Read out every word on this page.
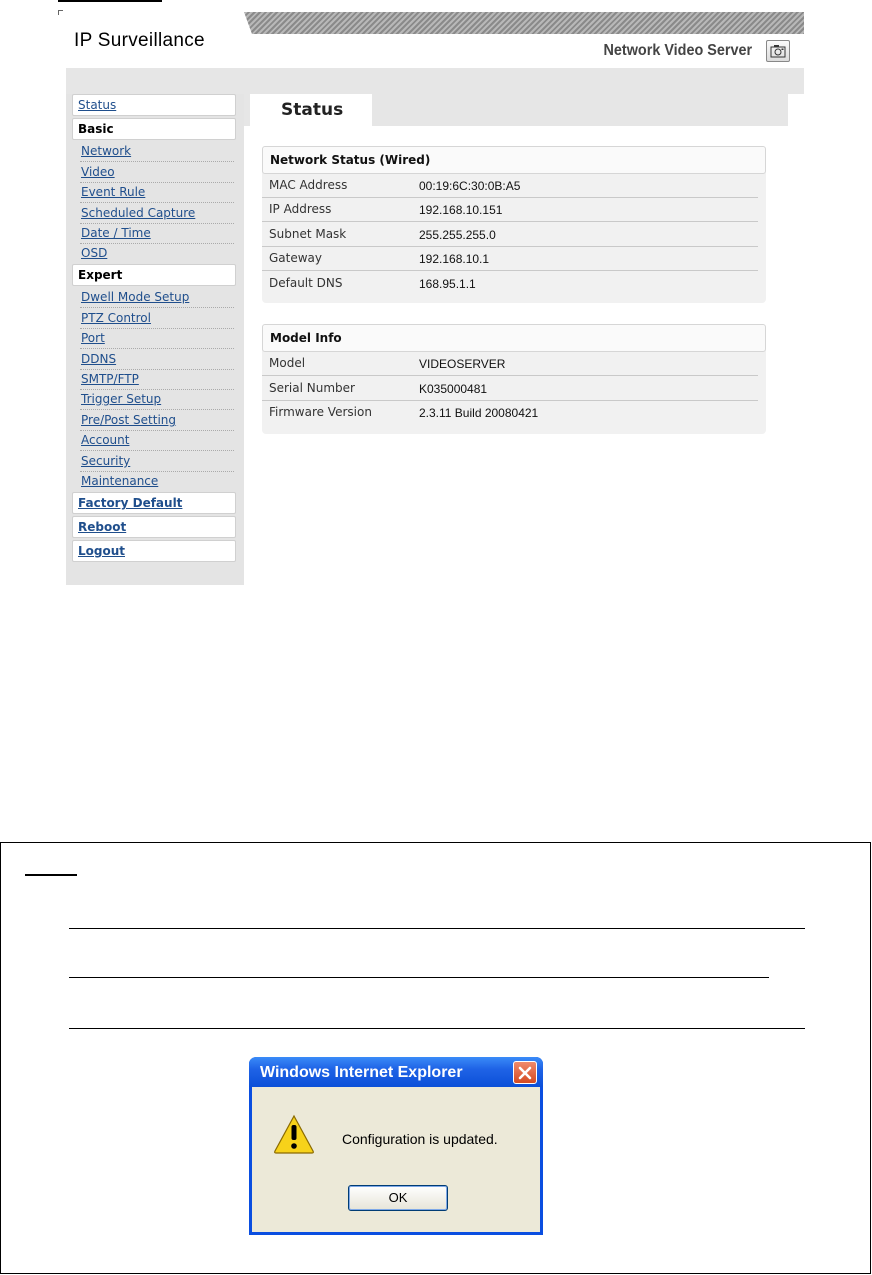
IP Surveillance	Network Video Server
Status
Basic
Network
Video
Event Rule
Scheduled Capture
Date / Time
OSD
Expert
Dwell Mode Setup
PTZ Control
Port
DDNS
SMTP/FTP
Trigger Setup
Pre/Post Setting
Account
Security
Maintenance
Factory Default
Reboot
Logout
Status
Network Status (Wired)
MAC Address	00:19:6C:30:0B:A5
IP Address	192.168.10.151
Subnet Mask	255.255.255.0
Gateway	192.168.10.1
Default DNS	168.95.1.1
Model Info
Model	VIDEOSERVER
Serial Number	K035000481
Firmware Version	2.3.11 Build 20080421
Windows Internet Explorer
Configuration is updated.
OK
